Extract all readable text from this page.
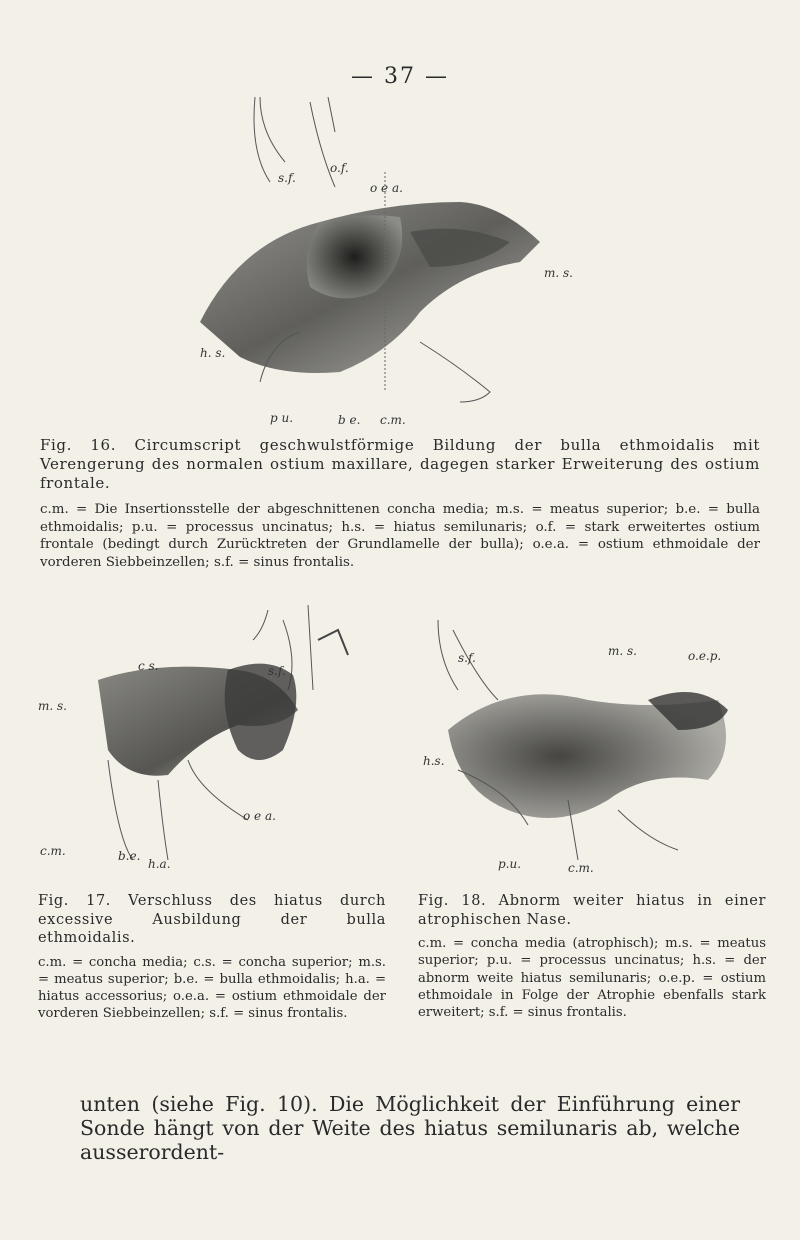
— 37 —
s.f.
o.f.
o e a.
m. s.
h. s.
p u.	b e. c.m.
Fig. 16. Circumscript geschwulstförmige Bildung der bulla ethmoidalis mit Verengerung des normalen ostium maxillare, dagegen starker Erweiterung des ostium frontale.
c.m. = Die Insertionsstelle der abgeschnittenen concha media; m.s. = meatus superior; b.e. = bulla ethmoidalis; p.u. = processus uncinatus; h.s. = hiatus semilunaris; o.f. = stark erweitertes ostium frontale (bedingt durch Zurücktreten der Grundlamelle der bulla); o.e.a. = ostium ethmoidale der vorderen Siebbeinzellen; s.f. = sinus frontalis.
c s.	s.f.
m. s.
o e a.
c.m.	b.e.
h.a.
s.f.	m. s.	o.e.p.
h.s.
p.u.	c.m.
Fig. 17. Verschluss des hiatus durch excessive Ausbildung der bulla ethmoidalis.
c.m. = concha media; c.s. = concha superior; m.s. = meatus superior; b.e. = bulla ethmoidalis; h.a. = hiatus accessorius; o.e.a. = ostium ethmoidale der vorderen Siebbeinzellen; s.f. = sinus frontalis.
Fig. 18. Abnorm weiter hiatus in einer atrophischen Nase.
c.m. = concha media (atrophisch); m.s. = meatus superior; p.u. = processus uncinatus; h.s. = der abnorm weite hiatus semilunaris; o.e.p. = ostium ethmoidale in Folge der Atrophie ebenfalls stark erweitert; s.f. = sinus frontalis.
unten (siehe Fig. 10). Die Möglichkeit der Einführung einer Sonde hängt von der Weite des hiatus semilunaris ab, welche ausserordent-
